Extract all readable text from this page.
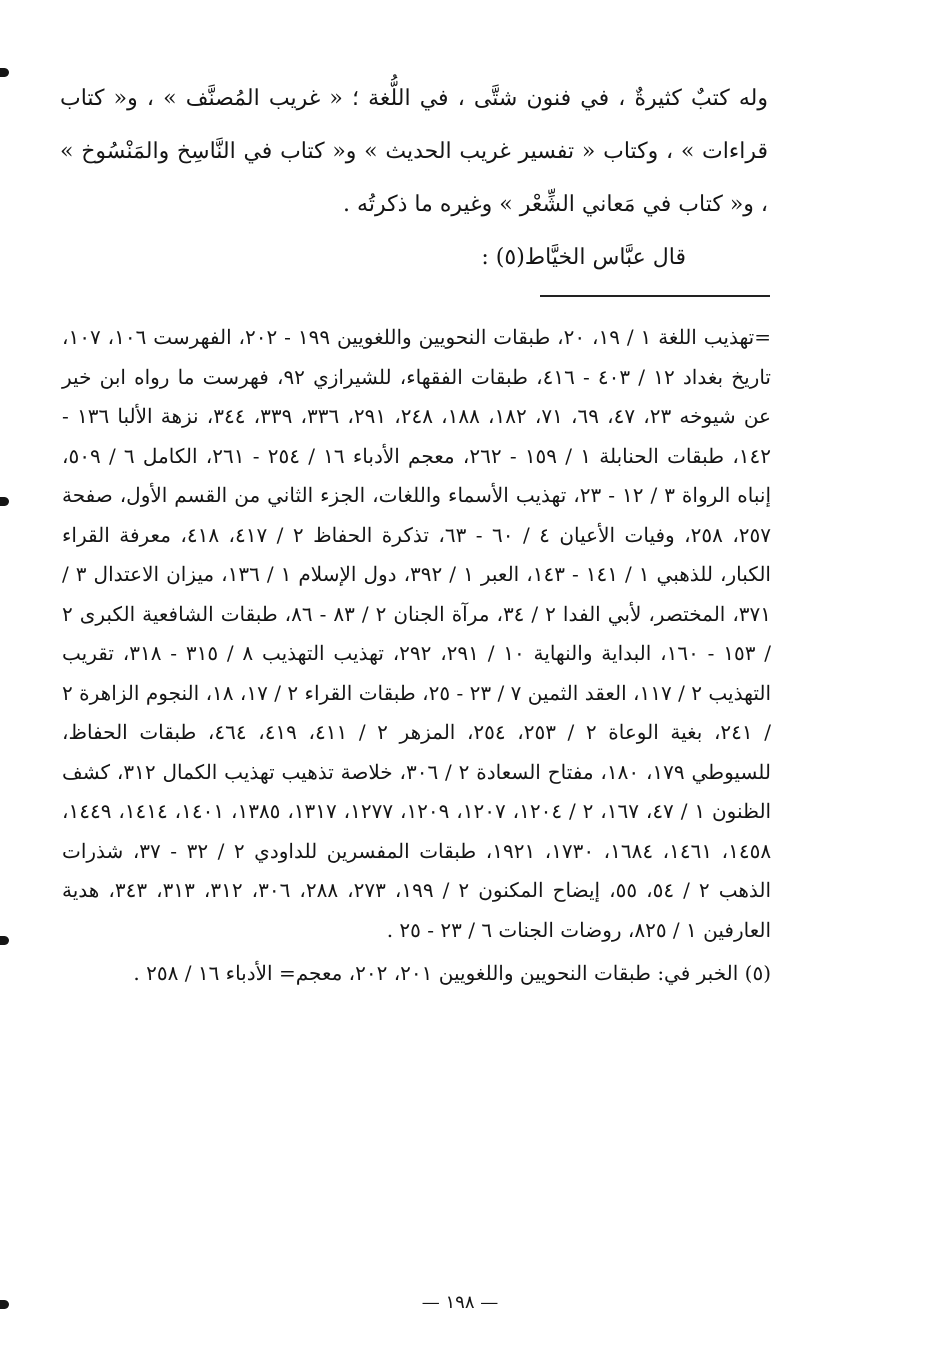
وله كتبٌ كثيرةٌ ، في فنون شتَّى ، في اللُّغة ؛ « غريب المُصنَّف » ، و« كتاب قراءات » ، وكتاب « تفسير غريب الحديث » و« كتاب في النَّاسِخ والمَنْسُوخ » ، و« كتاب في مَعاني الشِّعْر » وغيره ما ذكرتُه .

قال عبَّاس الخيَّاط(٥) :

=تهذيب اللغة ١ / ١٩، ٢٠، طبقات النحويين واللغويين ١٩٩ - ٢٠٢، الفهرست ١٠٦، ١٠٧، تاريخ بغداد ١٢ / ٤٠٣ - ٤١٦، طبقات الفقهاء، للشيرازي ٩٢، فهرست ما رواه ابن خير عن شيوخه ٢٣، ٤٧، ٦٩، ٧١، ١٨٢، ١٨٨، ٢٤٨، ٢٩١، ٣٣٦، ٣٣٩، ٣٤٤، نزهة الألبا ١٣٦ - ١٤٢، طبقات الحنابلة ١ / ١٥٩ - ٢٦٢، معجم الأدباء ١٦ / ٢٥٤ - ٢٦١، الكامل ٦ / ٥٠٩، إنباه الرواة ٣ / ١٢ - ٢٣، تهذيب الأسماء واللغات، الجزء الثاني من القسم الأول، صفحة ٢٥٧، ٢٥٨، وفيات الأعيان ٤ / ٦٠ - ٦٣، تذكرة الحفاظ ٢ / ٤١٧، ٤١٨، معرفة القراء الكبار، للذهبي ١ / ١٤١ - ١٤٣، العبر ١ / ٣٩٢، دول الإسلام ١ / ١٣٦، ميزان الاعتدال ٣ / ٣٧١، المختصر، لأبي الفدا ٢ / ٣٤، مرآة الجنان ٢ / ٨٣ - ٨٦، طبقات الشافعية الكبرى ٢ / ١٥٣ - ١٦٠، البداية والنهاية ١٠ / ٢٩١، ٢٩٢، تهذيب التهذيب ٨ / ٣١٥ - ٣١٨، تقريب التهذيب ٢ / ١١٧، العقد الثمين ٧ / ٢٣ - ٢٥، طبقات القراء ٢ / ١٧، ١٨، النجوم الزاهرة ٢ / ٢٤١، بغية الوعاة ٢ / ٢٥٣، ٢٥٤، المزهر ٢ / ٤١١، ٤١٩، ٤٦٤، طبقات الحفاظ، للسيوطي ١٧٩، ١٨٠، مفتاح السعادة ٢ / ٣٠٦، خلاصة تذهيب تهذيب الكمال ٣١٢، كشف الظنون ١ / ٤٧، ١٦٧، ٢ / ١٢٠٤، ١٢٠٧، ١٢٠٩، ١٢٧٧، ١٣١٧، ١٣٨٥، ١٤٠١، ١٤١٤، ١٤٤٩، ١٤٥٨، ١٤٦١، ١٦٨٤، ١٧٣٠، ١٩٢١، طبقات المفسرين للداودي ٢ / ٣٢ - ٣٧، شذرات الذهب ٢ / ٥٤، ٥٥، إيضاح المكنون ٢ / ١٩٩، ٢٧٣، ٢٨٨، ٣٠٦، ٣١٢، ٣١٣، ٣٤٣، هدية العارفين ١ / ٨٢٥، روضات الجنات ٦ / ٢٣ - ٢٥ .

(٥) الخبر في: طبقات النحويين واللغويين ٢٠١، ٢٠٢، معجم= الأدباء ١٦ / ٢٥٨ .

— ١٩٨ —
